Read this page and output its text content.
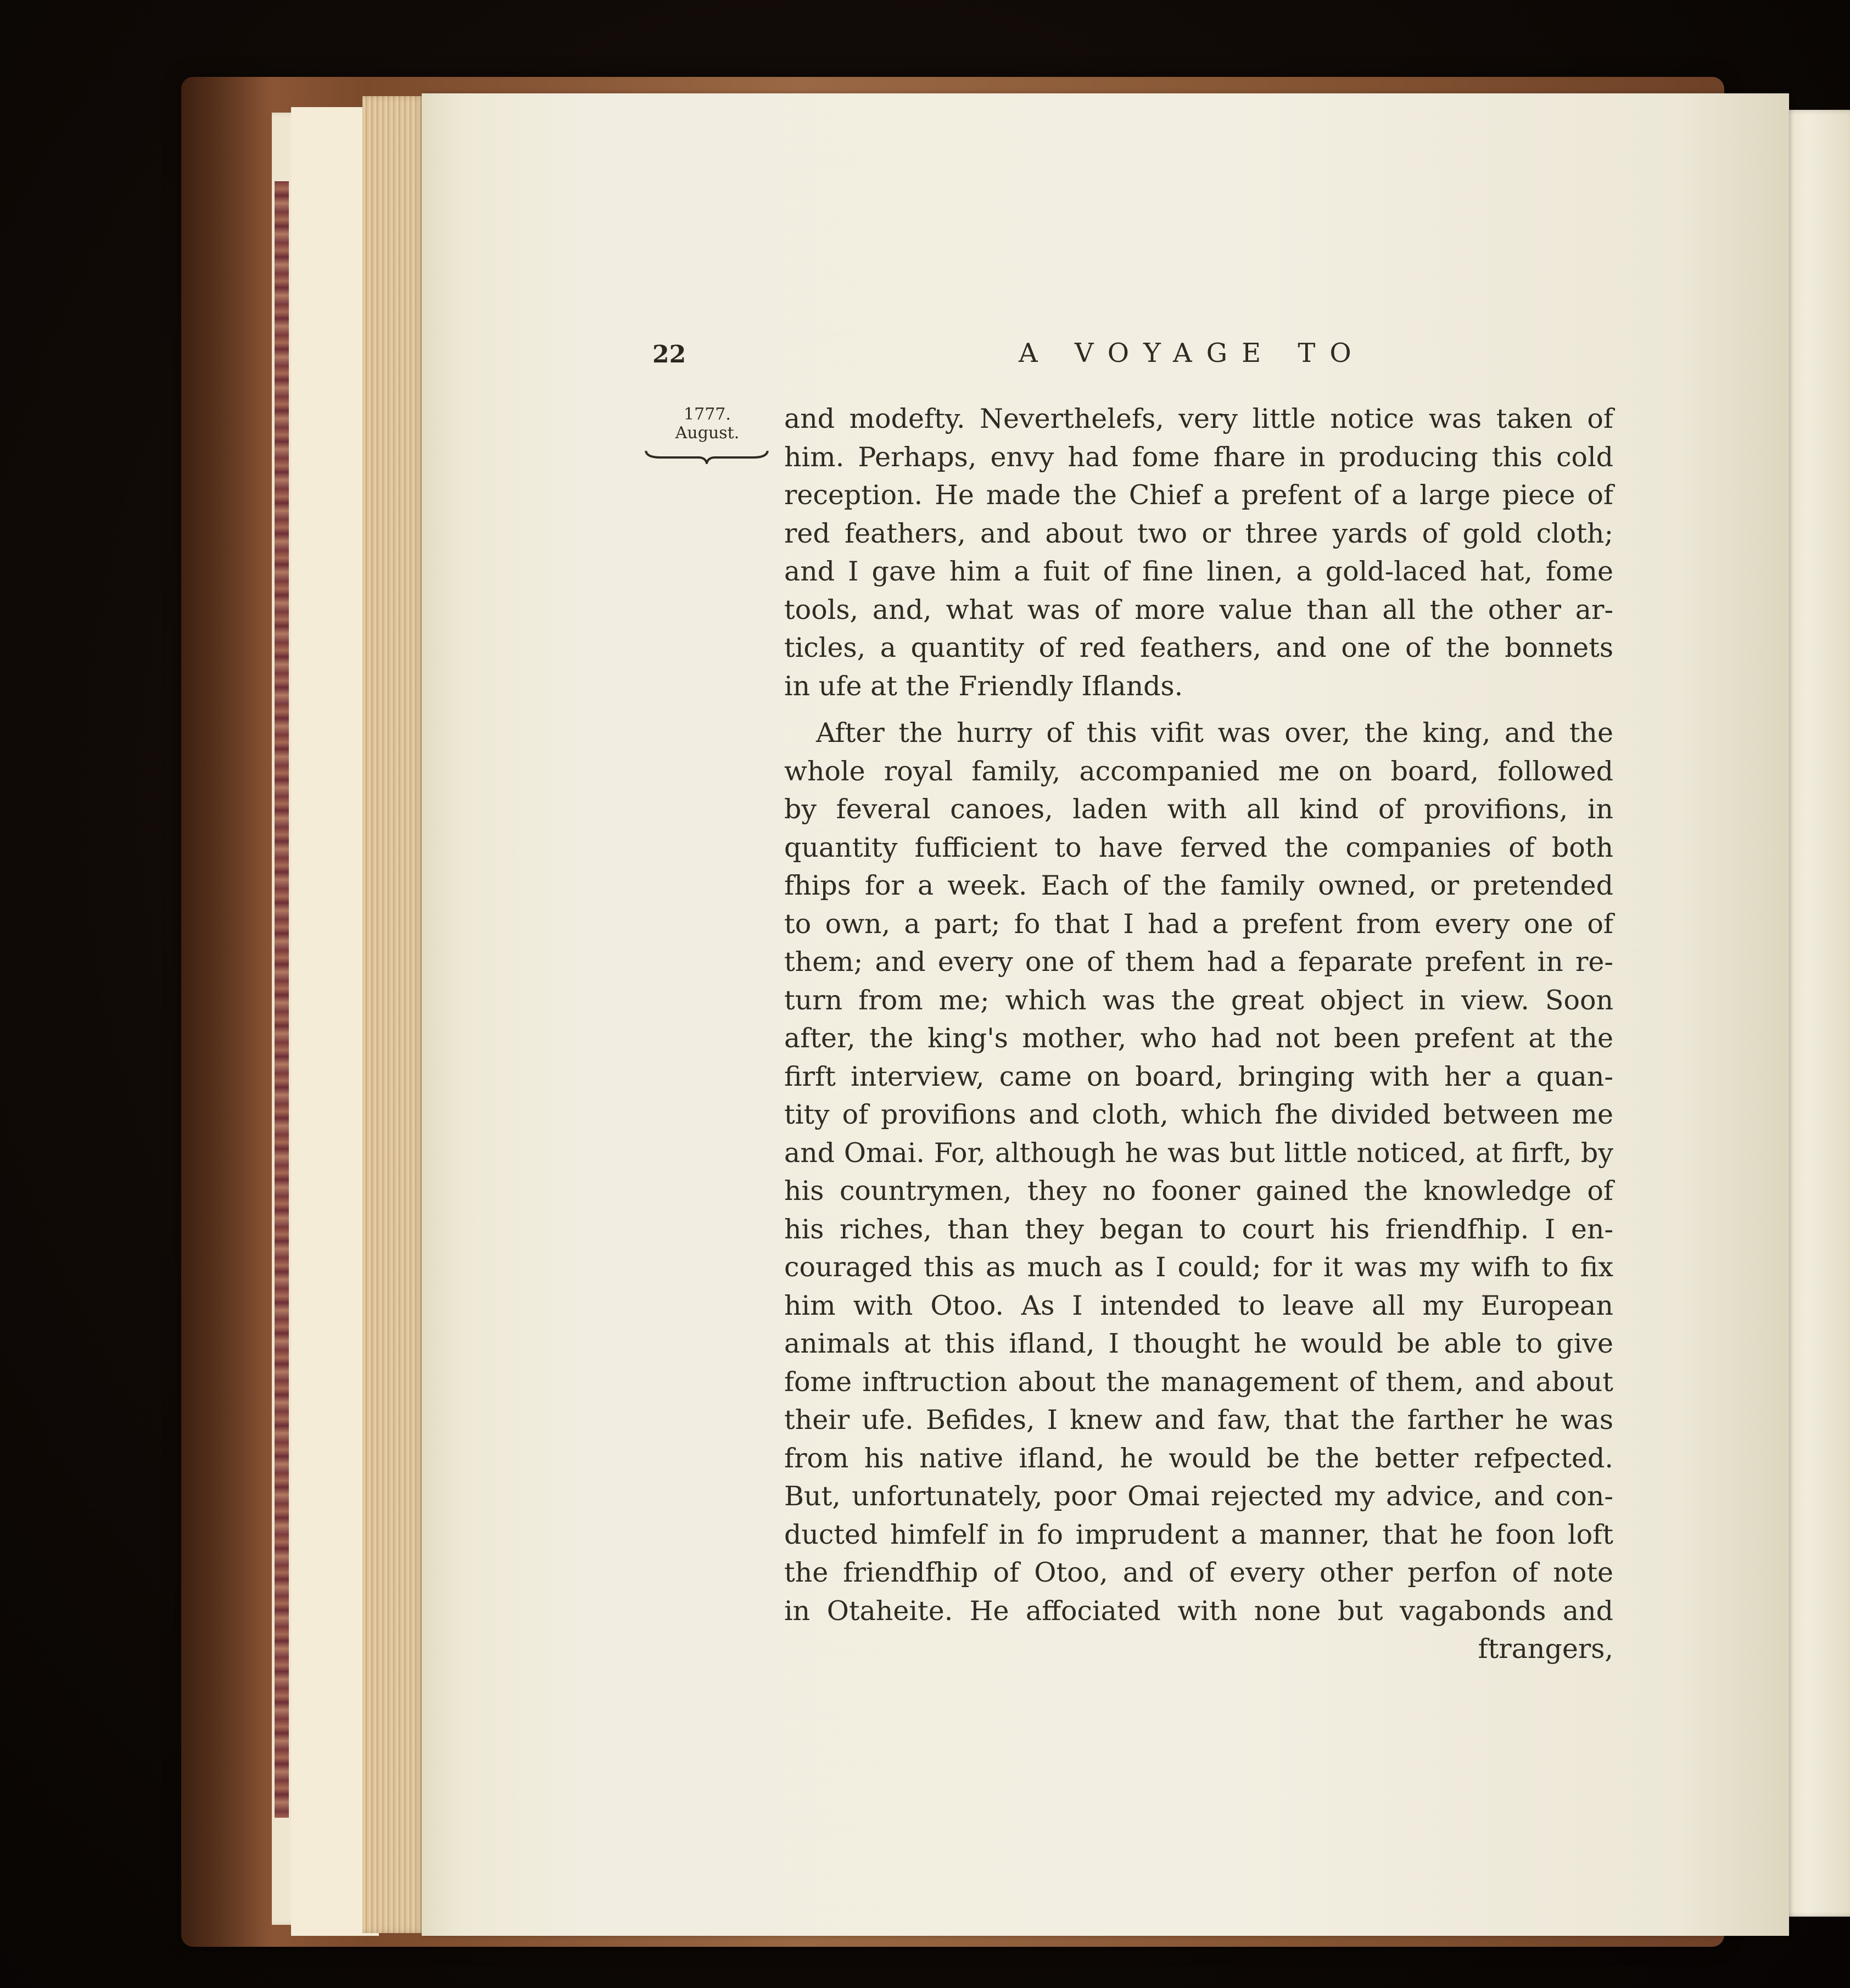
22	A VOYAGE TO
1777.
August.	and modefty. Neverthelefs, very little notice was taken of
him. Perhaps, envy had fome fhare in producing this cold
reception. He made the Chief a prefent of a large piece of
red feathers, and about two or three yards of gold cloth;
and I gave him a fuit of fine linen, a gold-laced hat, fome
tools, and, what was of more value than all the other ar-
ticles, a quantity of red feathers, and one of the bonnets
in ufe at the Friendly Iflands.
After the hurry of this vifit was over, the king, and the
whole royal family, accompanied me on board, followed
by feveral canoes, laden with all kind of provifions, in
quantity fufficient to have ferved the companies of both
fhips for a week. Each of the family owned, or pretended
to own, a part; fo that I had a prefent from every one of
them; and every one of them had a feparate prefent in re-
turn from me; which was the great object in view. Soon
after, the king's mother, who had not been prefent at the
firft interview, came on board, bringing with her a quan-
tity of provifions and cloth, which fhe divided between me
and Omai. For, although he was but little noticed, at firft, by
his countrymen, they no fooner gained the knowledge of
his riches, than they began to court his friendfhip. I en-
couraged this as much as I could; for it was my wifh to fix
him with Otoo. As I intended to leave all my European
animals at this ifland, I thought he would be able to give
fome inftruction about the management of them, and about
their ufe. Befides, I knew and faw, that the farther he was
from his native ifland, he would be the better refpected.
But, unfortunately, poor Omai rejected my advice, and con-
ducted himfelf in fo imprudent a manner, that he foon loft
the friendfhip of Otoo, and of every other perfon of note
in Otaheite. He affociated with none but vagabonds and
ftrangers,
